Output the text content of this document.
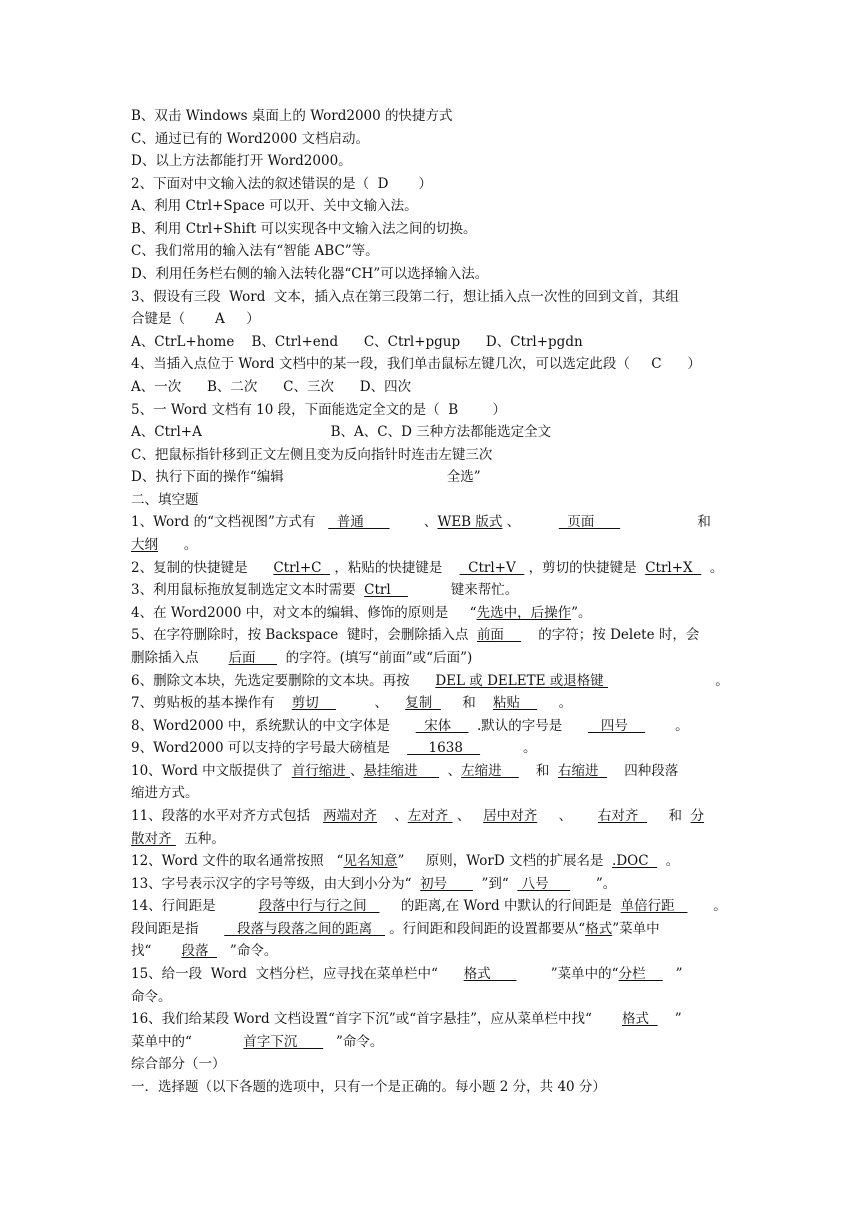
B、双击 Windows 桌面上的 Word2000 的快捷方式
C、通过已有的 Word2000 文档启动。
D、以上方法都能打开 Word2000。
2、下面对中文输入法的叙述错误的是（  D       ）
A、利用 Ctrl+Space 可以开、关中文输入法。
B、利用 Ctrl+Shift 可以实现各中文输入法之间的切换。
C、我们常用的输入法有“智能 ABC”等。
D、利用任务栏右侧的输入法转化器“CH”可以选择输入法。
3、假设有三段  Word  文本，插入点在第三段第二行，想让插入点一次性的回到文首，其组
合键是（       A     ）
A、CtrL+home    B、Ctrl+end      C、Ctrl+pgup      D、Ctrl+pgdn
4、当插入点位于 Word 文档中的某一段，我们单击鼠标左键几次，可以选定此段（     C      ）
A、一次      B、二次      C、三次      D、四次
5、一 Word 文档有 10 段，下面能选定全文的是（  B        ）
A、Ctrl+A                              B、A、C、D 三种方法都能选定全文
C、把鼠标指针移到正文左侧且变为反向指针时连击左键三次
D、执行下面的操作“编辑                                      全选”
二、填空题
1、Word 的“文档视图”方式有     普通              、WEB 版式 、           页面                        和
大纲      。
2、复制的快捷键是      Ctrl+C   ，粘贴的快捷键是      Ctrl+V   ，剪切的快捷键是  Ctrl+X    。
3、利用鼠标拖放复制选定文本时需要  Ctrl              键来帮忙。
4、在 Word2000 中，对文本的编辑、修饰的原则是     “先选中，后操作”。
5、在字符删除时，按 Backspace  键时，会删除插入点  前面        的字符；按 Delete 时，会
删除插入点       后面       的字符。(填写“前面”或“后面”)
6、删除文本块，先选定要删除的文本块。再按      DEL 或 DELETE 或退格键                          。
7、剪贴板的基本操作有    剪切             、    复制       和    粘贴         。
8、Word2000 中，系统默认的中文字体是        宋体      .默认的字号是         四号           。
9、Word2000 可以支持的字号最大磅植是         1638              。
10、Word 中文版提供了  首行缩进 、悬挂缩进       、左缩进        和  右缩进      四种段落
缩进方式。
11、段落的水平对齐方式包括   两端对齐    、左对齐  、   居中对齐     、      右对齐       和  分
散对齐   五种。
12、Word 文件的取名通常按照   “见名知意”     原则，WorD 文档的扩展名是  .DOC    。
13、字号表示汉字的字号等级，由大到小分为“  初号        ”到“   八号           ”。
14、行间距是          段落中行与行之间        的距离,在 Word 中默认的行间距是  单倍行距         。
段间距是指         段落与段落之间的距离    。行间距和段间距的设置都要从“格式”菜单中
找“       段落     ”命令。
15、给一段  Word  文档分栏，应寻找在菜单栏中“      格式              ”菜单中的“分栏       ”
命令。
16、我们给某段 Word 文档设置“首字下沉”或“首字悬挂”，应从菜单栏中找“       格式      ”
菜单中的“            首字下沉         ”命令。
综合部分（一）
一．选择题（以下各题的选项中，只有一个是正确的。每小题 2 分，共 40 分）
